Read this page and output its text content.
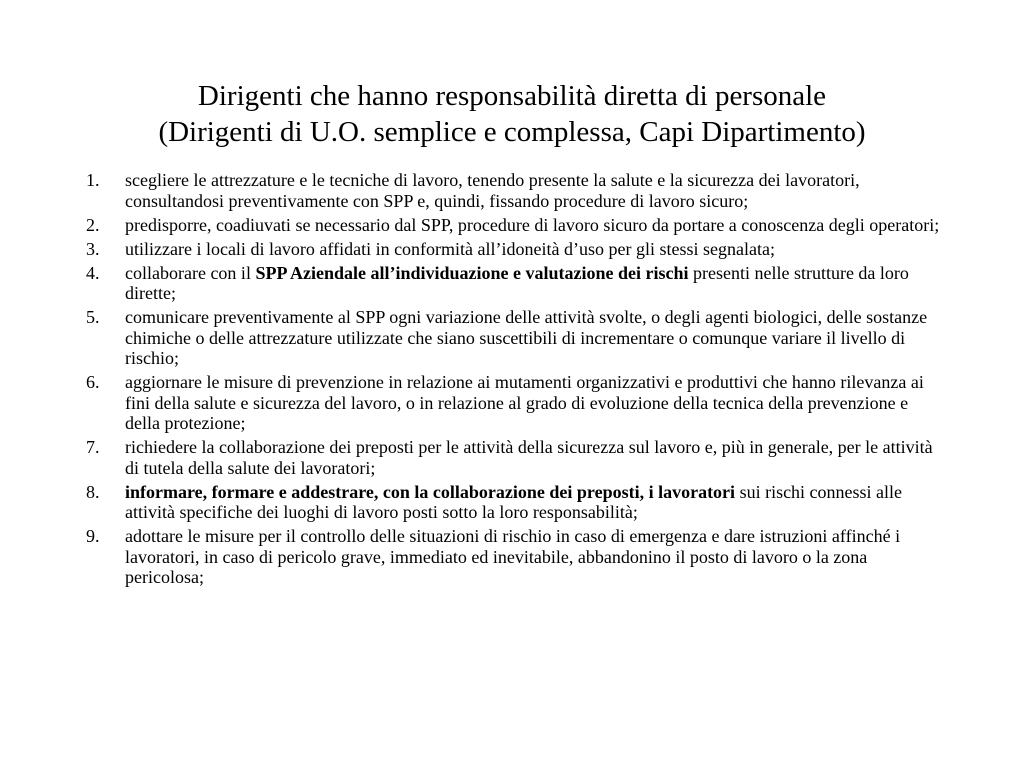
Dirigenti che hanno responsabilità diretta di personale
(Dirigenti di U.O. semplice e complessa, Capi Dipartimento)
1. scegliere le attrezzature e le tecniche di lavoro, tenendo presente la salute e la sicurezza dei lavoratori, consultandosi preventivamente con SPP e, quindi, fissando procedure di lavoro sicuro;
2. predisporre, coadiuvati se necessario dal SPP, procedure di lavoro sicuro da portare a conoscenza degli operatori;
3. utilizzare i locali di lavoro affidati in conformità all’idoneità d’uso per gli stessi segnalata;
4. collaborare con il SPP Aziendale all’individuazione e valutazione dei rischi presenti nelle strutture da loro dirette;
5. comunicare preventivamente al SPP ogni variazione delle attività svolte, o degli agenti biologici, delle sostanze chimiche o delle attrezzature utilizzate che siano suscettibili di incrementare o comunque variare il livello di rischio;
6. aggiornare le misure di prevenzione in relazione ai mutamenti organizzativi e produttivi che hanno rilevanza ai fini della salute e sicurezza del lavoro, o in relazione al grado di evoluzione della tecnica della prevenzione e della protezione;
7. richiedere la collaborazione dei preposti per le attività della sicurezza sul lavoro e, più in generale, per le attività di tutela della salute dei lavoratori;
8. informare, formare e addestrare, con la collaborazione dei preposti, i lavoratori sui rischi connessi alle attività specifiche dei luoghi di lavoro posti sotto la loro responsabilità;
9. adottare le misure per il controllo delle situazioni di rischio in caso di emergenza e dare istruzioni affinché i lavoratori, in caso di pericolo grave, immediato ed inevitabile, abbandonino il posto di lavoro o la zona pericolosa;
